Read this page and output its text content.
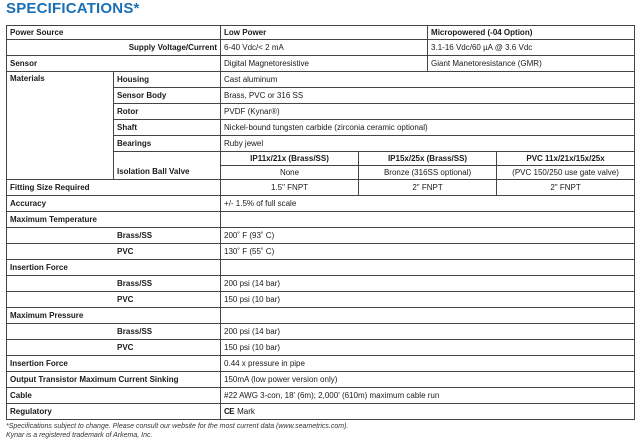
SPECIFICATIONS*
Power Source		Low Power		Micropowered (-04 Option)	
Supply Voltage/Current		6-40 Vdc/< 2 mA		3.1-16 Vdc/60 µA @ 3.6 Vdc	
Sensor		Digital Magnetoresistive		Giant Manetoresistance (GMR)	
Materials	Housing	Cast aluminum			
	Sensor Body	Brass, PVC or 316 SS			
	Rotor	PVDF (Kynar®)			
	Shaft	Nickel-bound tungsten carbide (zirconia ceramic optional)			
	Bearings	Ruby jewel			
	Isolation Ball Valve	IP11x/21x (Brass/SS)	IP15x/25x (Brass/SS)		PVC 11x/21x/15x/25x
		None	Bronze (316SS optional)		(PVC 150/250 use gate valve)
Fitting Size Required		1.5" FNPT	2" FNPT		2" FNPT
Accuracy		+/- 1.5% of full scale			
Maximum Temperature					
Brass/SS		200˚ F (93˚ C)			
PVC		130˚ F (55˚ C)			
Insertion Force					
Brass/SS		200 psi (14 bar)			
PVC		150 psi (10 bar)			
Maximum Pressure					
Brass/SS		200 psi (14 bar)			
PVC		150 psi (10 bar)			
Insertion Force		0.44 x pressure in pipe			
Output Transistor Maximum Current Sinking		150mA (low power version only)			
Cable		#22 AWG 3-con, 18' (6m); 2,000' (610m) maximum cable run			
Regulatory		CE Mark			
*Specifications subject to change. Please consult our website for the most current data (www.seametrics.com).
Kynar is a registered trademark of Arkema, Inc.
